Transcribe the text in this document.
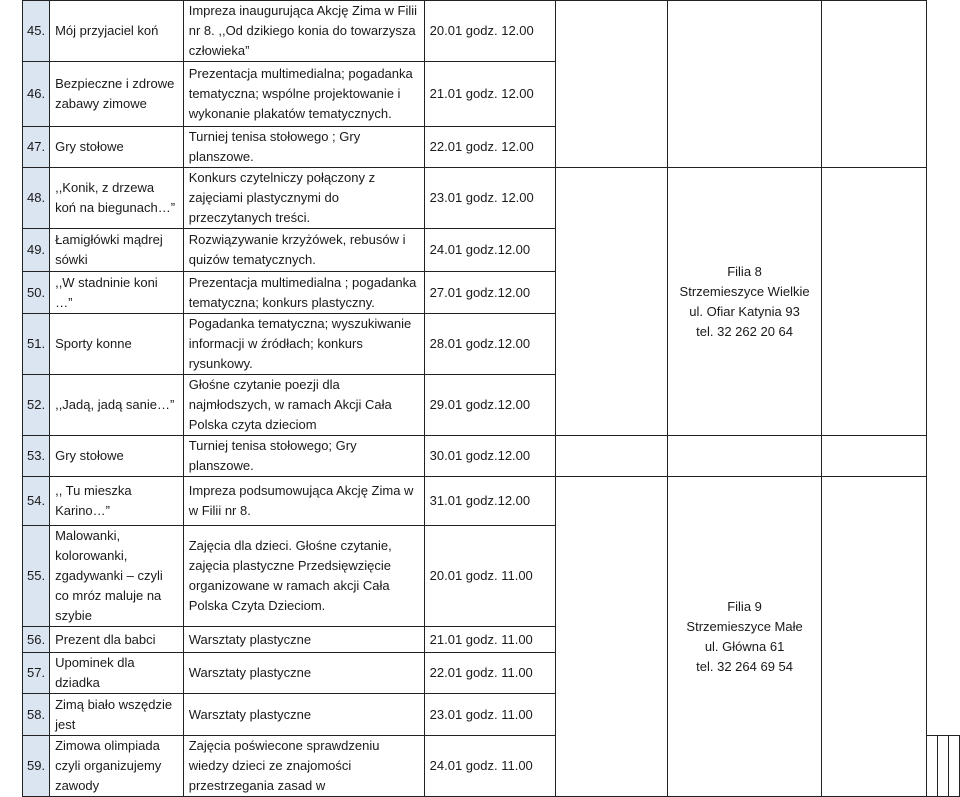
45.	Mój przyjaciel koń	Impreza inaugurująca Akcję Zima w Filii nr 8. ,,Od dzikiego konia do towarzysza człowieka”	20.01 godz. 12.00						
46.	Bezpieczne i zdrowe zabawy zimowe	Prezentacja multimedialna; pogadanka tematyczna; wspólne projektowanie i wykonanie plakatów tematycznych.	21.01 godz. 12.00						
47.	Gry stołowe	Turniej tenisa stołowego ; Gry planszowe.	22.01 godz. 12.00						
48.	,,Konik, z drzewa koń na biegunach…”	Konkurs czytelniczy połączony z zajęciami plastycznymi do przeczytanych treści.	23.01 godz. 12.00		Filia 8
Strzemieszyce Wielkie
ul. Ofiar Katynia 93
tel. 32 262 20 64				

49.	Łamigłówki mądrej sówki	Rozwiązywanie krzyżówek, rebusów i quizów tematycznych.	24.01 godz.12.00						
50.	,,W stadninie koni …”	Prezentacja multimedialna ; pogadanka tematyczna; konkurs plastyczny.	27.01 godz.12.00						
51.	Sporty konne	Pogadanka tematyczna; wyszukiwanie informacji w źródłach; konkurs rysunkowy.	28.01 godz.12.00						
52.	,,Jadą, jadą sanie…”	Głośne czytanie poezji dla najmłodszych, w ramach Akcji Cała Polska czyta dzieciom	29.01 godz.12.00						
53.	Gry stołowe	Turniej tenisa stołowego; Gry planszowe.	30.01 godz.12.00						
54.	,, Tu mieszka Karino…”	Impreza podsumowująca Akcję Zima w w Filii nr 8.	31.01 godz.12.00		Filia 9
Strzemieszyce Małe
ul. Główna 61
tel. 32 264 69 54				

55.	Malowanki, kolorowanki, zgadywanki – czyli co mróz maluje na szybie	Zajęcia dla dzieci. Głośne czytanie, zajęcia plastyczne Przedsięwzięcie organizowane w ramach akcji Cała Polska Czyta Dzieciom.	20.01 godz. 11.00						
56.	Prezent dla babci	Warsztaty plastyczne	21.01 godz. 11.00						
57.	Upominek dla dziadka	Warsztaty plastyczne	22.01 godz. 11.00						
58.	Zimą biało wszędzie jest	Warsztaty plastyczne	23.01 godz. 11.00						
59.	Zimowa olimpiada czyli organizujemy zawody	Zajęcia poświecone sprawdzeniu wiedzy dzieci ze znajomości przestrzegania zasad w	24.01 godz. 11.00						
